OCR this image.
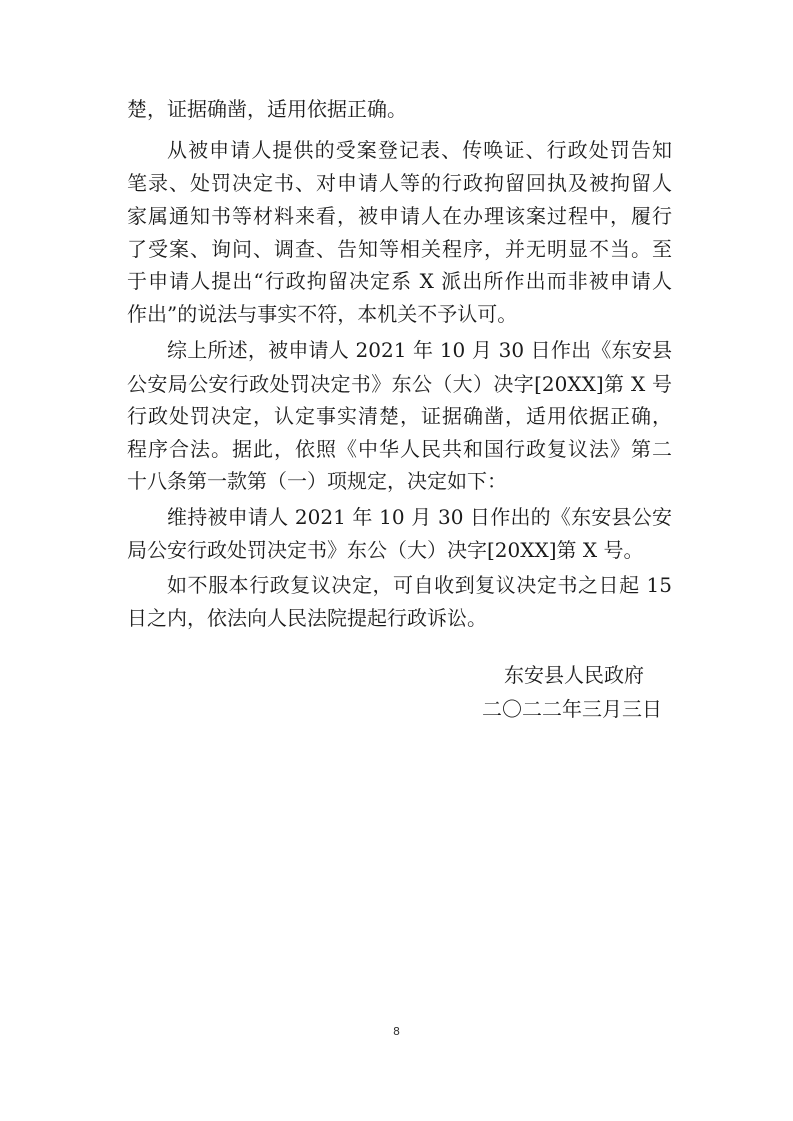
楚，证据确凿，适用依据正确。
从被申请人提供的受案登记表、传唤证、行政处罚告知
笔录、处罚决定书、对申请人等的行政拘留回执及被拘留人
家属通知书等材料来看，被申请人在办理该案过程中，履行
了受案、询问、调查、告知等相关程序，并无明显不当。至
于申请人提出“行政拘留决定系 X 派出所作出而非被申请人
作出”的说法与事实不符，本机关不予认可。
综上所述，被申请人 2021 年 10 月 30 日作出《东安县
公安局公安行政处罚决定书》东公（大）决字[20XX]第 X 号
行政处罚决定，认定事实清楚，证据确凿，适用依据正确，
程序合法。据此，依照《中华人民共和国行政复议法》第二
十八条第一款第（一）项规定，决定如下：
维持被申请人 2021 年 10 月 30 日作出的《东安县公安
局公安行政处罚决定书》东公（大）决字[20XX]第 X 号。
如不服本行政复议决定，可自收到复议决定书之日起 15
日之内，依法向人民法院提起行政诉讼。
东安县人民政府
二〇二二年三月三日
8
